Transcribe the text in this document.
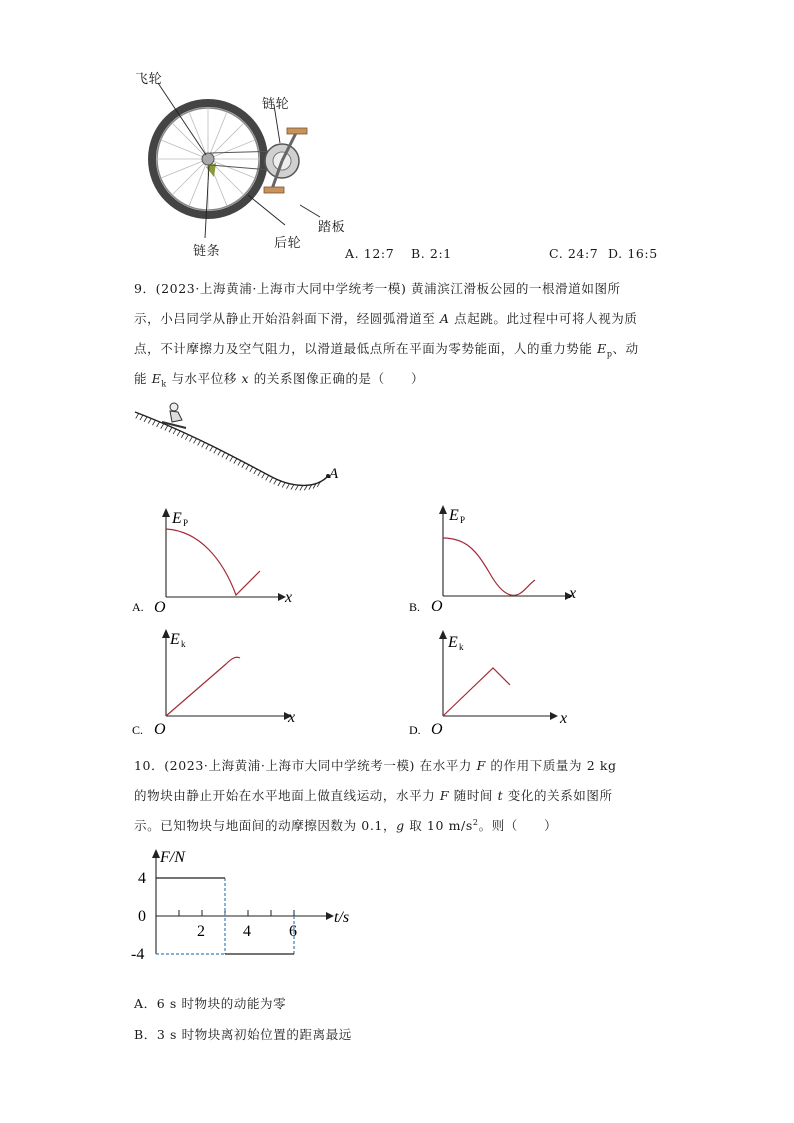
飞轮
链轮
踏板
链条
后轮
A. 12:7 B. 2:1	C. 24:7 D. 16:5
9．(2023·上海黄浦·上海市大同中学统考一模) 黄浦滨江滑板公园的一根滑道如图所
示，小吕同学从静止开始沿斜面下滑，经圆弧滑道至 A 点起跳。此过程中可将人视为质
点，不计摩擦力及空气阻力，以滑道最低点所在平面为零势能面，人的重力势能 $E_p$、动
能 $E_k$ 与水平位移 x 的关系图像正确的是（　　）
A
E P
O
x
A.
E P
O
x
B.
E k
O
x
C.
E k
O
x
D.
10．(2023·上海黄浦·上海市大同中学统考一模) 在水平力 F 的作用下质量为 2 kg
的物块由静止开始在水平地面上做直线运动，水平力 F 随时间 t 变化的关系如图所
示。已知物块与地面间的动摩擦因数为 0.1，g 取 10 $m/s^2$。则（　　）
F/N
t/s
2 4 6
4
0
-4
A．6 s 时物块的动能为零
B．3 s 时物块离初始位置的距离最远
